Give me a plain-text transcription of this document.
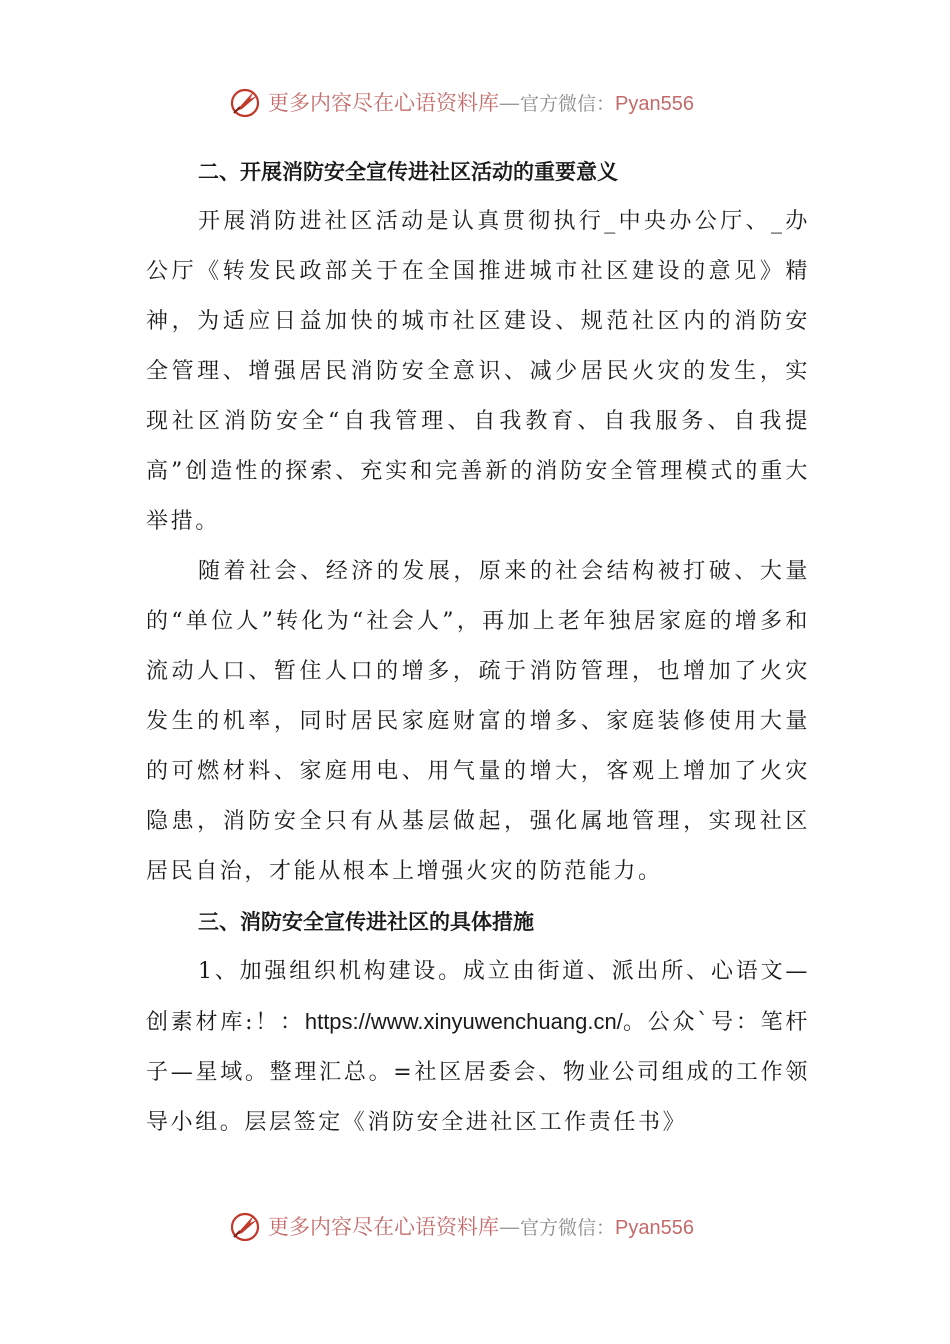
更多内容尽在心语资料库—官方微信：Pyan556

二、开展消防安全宣传进社区活动的重要意义

开展消防进社区活动是认真贯彻执行_中央办公厅、_办公厅《转发民政部关于在全国推进城市社区建设的意见》精神，为适应日益加快的城市社区建设、规范社区内的消防安全管理、增强居民消防安全意识、减少居民火灾的发生，实现社区消防安全“自我管理、自我教育、自我服务、自我提高”创造性的探索、充实和完善新的消防安全管理模式的重大举措。

随着社会、经济的发展，原来的社会结构被打破、大量的“单位人”转化为“社会人”，再加上老年独居家庭的增多和流动人口、暂住人口的增多，疏于消防管理，也增加了火灾发生的机率，同时居民家庭财富的增多、家庭装修使用大量的可燃材料、家庭用电、用气量的增大，客观上增加了火灾隐患，消防安全只有从基层做起，强化属地管理，实现社区居民自治，才能从根本上增强火灾的防范能力。

三、消防安全宣传进社区的具体措施

1、加强组织机构建设。成立由街道、派出所、心语文—创素材库:！：https://www.xinyuwenchuang.cn/。公众`号：笔杆子—星域。整理汇总。=社区居委会、物业公司组成的工作领导小组。层层签定《消防安全进社区工作责任书》

更多内容尽在心语资料库—官方微信：Pyan556
